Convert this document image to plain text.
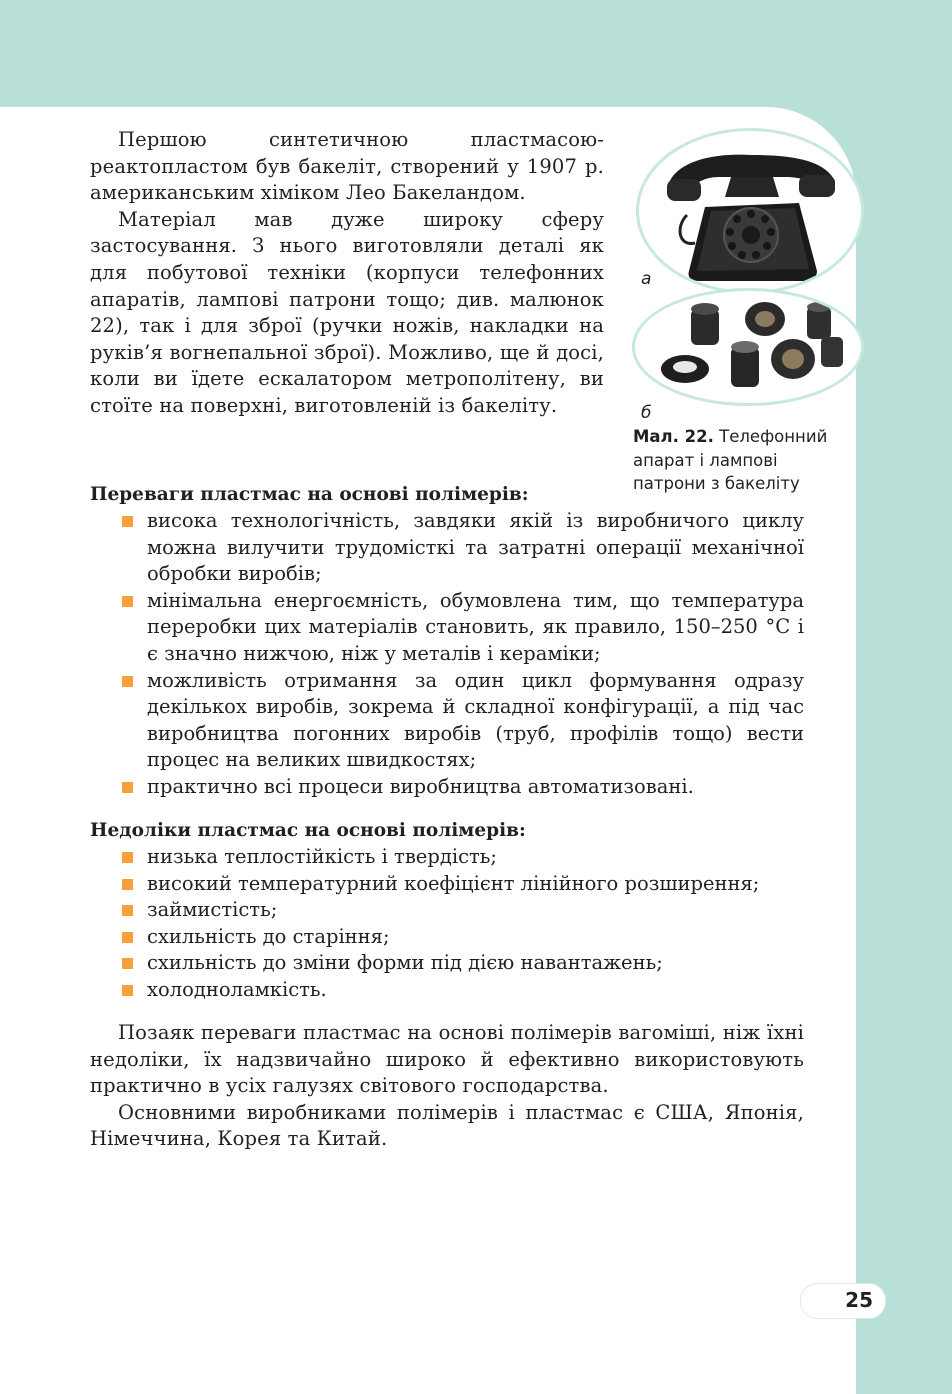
Першою синтетичною пластмасою-реактопластом був бакеліт, створений у 1907 р. американським хіміком Лео Бакеландом.

Матеріал мав дуже широку сферу застосування. З нього виготовляли деталі як для побутової техніки (корпуси телефонних апаратів, лампові патрони тощо; див. малюнок 22), так і для зброї (ручки ножів, накладки на руків’я вогнепальної зброї). Можливо, ще й досі, коли ви їдете ескалатором метрополітену, ви стоїте на поверхні, виготовленій із бакеліту.

а
б
Мал. 22. Телефонний апарат і лампові патрони з бакеліту
Переваги пластмас на основі полімерів:
висока технологічність, завдяки якій із виробничого циклу можна вилучити трудомісткі та затратні операції механічної обробки виробів;
мінімальна енергоємність, обумовлена тим, що температура переробки цих матеріалів становить, як правило, 150–250 °С і є значно нижчою, ніж у металів і кераміки;
можливість отримання за один цикл формування одразу декількох виробів, зокрема й складної конфігурації, а під час виробництва погонних виробів (труб, профілів тощо) вести процес на великих швидкостях;
практично всі процеси виробництва автоматизовані.
Недоліки пластмас на основі полімерів:
низька теплостійкість і твердість;
високий температурний коефіцієнт лінійного розширення;
займистість;
схильність до старіння;
схильність до зміни форми під дією навантажень;
холодноламкість.

Позаяк переваги пластмас на основі полімерів вагоміші, ніж їхні недоліки, їх надзвичайно широко й ефективно використовують практично в усіх галузях світового господарства.

Основними виробниками полімерів і пластмас є США, Японія, Німеччина, Корея та Китай.

25
